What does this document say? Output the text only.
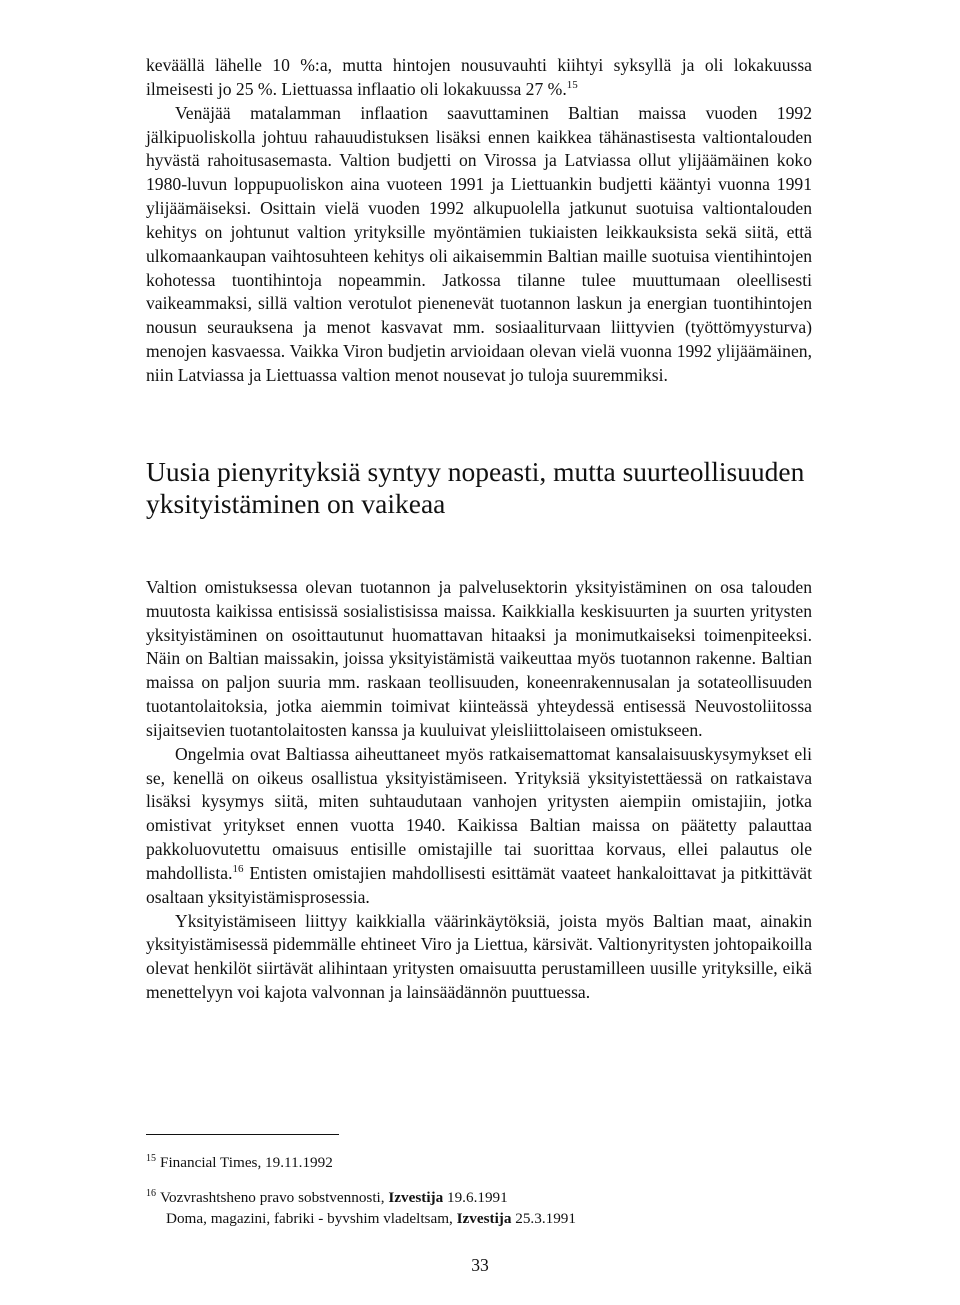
keväällä lähelle 10 %:a, mutta hintojen nousuvauhti kiihtyi syksyllä ja oli lokakuussa ilmeisesti jo 25 %. Liettuassa inflaatio oli lokakuussa 27 %.$^{15}$

Venäjää matalamman inflaation saavuttaminen Baltian maissa vuoden 1992 jälkipuoliskolla johtuu rahauudistuksen lisäksi ennen kaikkea tähänastisesta valtiontalouden hyvästä rahoitusasemasta. Valtion budjetti on Virossa ja Latviassa ollut ylijäämäinen koko 1980-luvun loppupuoliskon aina vuoteen 1991 ja Liettuankin budjetti kääntyi vuonna 1991 ylijäämäiseksi. Osittain vielä vuoden 1992 alkupuolella jatkunut suotuisa valtiontalouden kehitys on johtunut valtion yrityksille myöntämien tukiaisten leikkauksista sekä siitä, että ulkomaankaupan vaihtosuhteen kehitys oli aikaisemmin Baltian maille suotuisa vientihintojen kohotessa tuontihintoja nopeammin. Jatkossa tilanne tulee muuttumaan oleellisesti vaikeammaksi, sillä valtion verotulot pienenevät tuotannon laskun ja energian tuontihintojen nousun seurauksena ja menot kasvavat mm. sosiaaliturvaan liittyvien (työttömyysturva) menojen kasvaessa. Vaikka Viron budjetin arvioidaan olevan vielä vuonna 1992 ylijäämäinen, niin Latviassa ja Liettuassa valtion menot nousevat jo tuloja suuremmiksi.

Uusia pienyrityksiä syntyy nopeasti, mutta suurteollisuuden yksityistäminen on vaikeaa

Valtion omistuksessa olevan tuotannon ja palvelusektorin yksityistäminen on osa talouden muutosta kaikissa entisissä sosialistisissa maissa. Kaikkialla keskisuurten ja suurten yritysten yksityistäminen on osoittautunut huomattavan hitaaksi ja monimutkaiseksi toimenpiteeksi. Näin on Baltian maissakin, joissa yksityistämistä vaikeuttaa myös tuotannon rakenne. Baltian maissa on paljon suuria mm. raskaan teollisuuden, koneenrakennusalan ja sotateollisuuden tuotantolaitoksia, jotka aiemmin toimivat kiinteässä yhteydessä entisessä Neuvostoliitossa sijaitsevien tuotantolaitosten kanssa ja kuuluivat yleisliittolaiseen omistukseen.

Ongelmia ovat Baltiassa aiheuttaneet myös ratkaisemattomat kansalaisuuskysymykset eli se, kenellä on oikeus osallistua yksityistämiseen. Yrityksiä yksityistettäessä on ratkaistava lisäksi kysymys siitä, miten suhtaudutaan vanhojen yritysten aiempiin omistajiin, jotka omistivat yritykset ennen vuotta 1940. Kaikissa Baltian maissa on päätetty palauttaa pakkoluovutettu omaisuus entisille omistajille tai suorittaa korvaus, ellei palautus ole mahdollista.$^{16}$ Entisten omistajien mahdollisesti esittämät vaateet hankaloittavat ja pitkittävät osaltaan yksityistämisprosessia.

Yksityistämiseen liittyy kaikkialla väärinkäytöksiä, joista myös Baltian maat, ainakin yksityistämisessä pidemmälle ehtineet Viro ja Liettua, kärsivät. Valtionyritysten johtopaikoilla olevat henkilöt siirtävät alihintaan yritysten omaisuutta perustamilleen uusille yrityksille, eikä menettelyyn voi kajota valvonnan ja lainsäädännön puuttuessa.

$^{15}$ Financial Times, 19.11.1992
$^{16}$ Vozvrashtsheno pravo sobstvennosti, Izvestija 19.6.1991
Doma, magazini, fabriki - byvshim vladeltsam, Izvestija 25.3.1991
33
